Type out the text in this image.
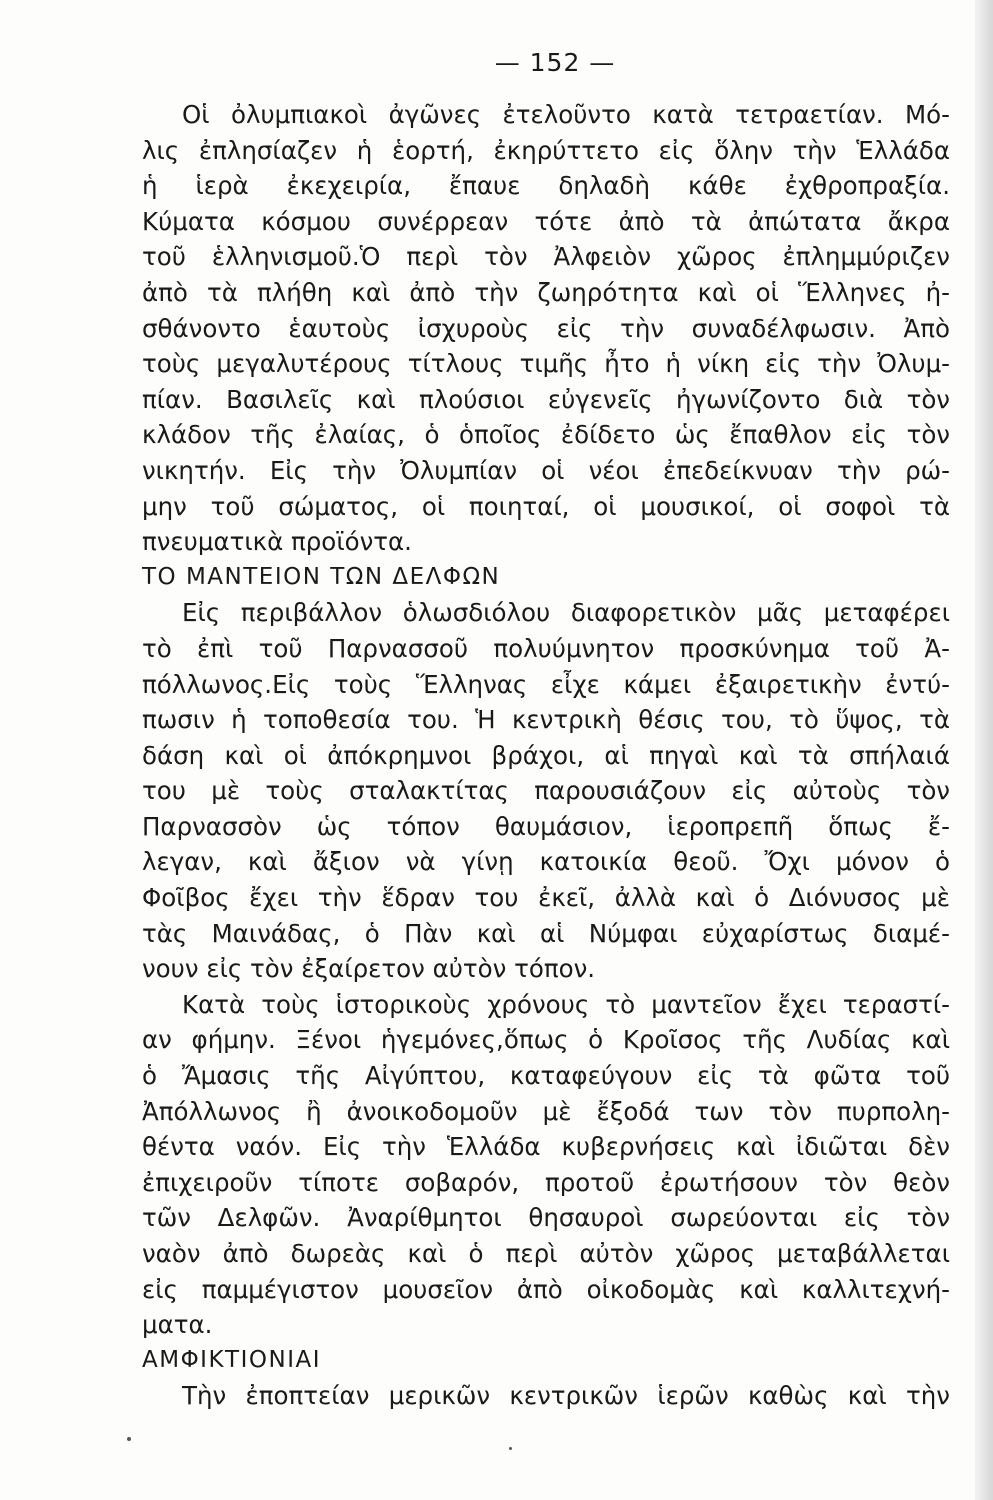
— 152 —
Οἱ ὀλυμπιακοὶ ἀγῶνες ἐτελοῦντο κατὰ τετραετίαν. Μό-
λις ἐπλησίαζεν ἡ ἑορτή, ἐκηρύττετο εἰς ὅλην τὴν Ἑλλάδα
ἡ ἱερὰ ἐκεχειρία, ἔπαυε δηλαδὴ κάθε ἐχθροπραξία.
Κύματα κόσμου συνέρρεαν τότε ἀπὸ τὰ ἀπώτατα ἄκρα
τοῦ ἑλληνισμοῦ.Ὁ περὶ τὸν Ἀλφειὸν χῶρος ἐπλημμύριζεν
ἀπὸ τὰ πλήθη καὶ ἀπὸ τὴν ζωηρότητα καὶ οἱ Ἕλληνες ἠ-
σθάνοντο ἑαυτοὺς ἰσχυροὺς εἰς τὴν συναδέλφωσιν. Ἀπὸ
τοὺς μεγαλυτέρους τίτλους τιμῆς ἦτο ἡ νίκη εἰς τὴν Ὀλυμ-
πίαν. Βασιλεῖς καὶ πλούσιοι εὐγενεῖς ἠγωνίζοντο διὰ τὸν
κλάδον τῆς ἐλαίας, ὁ ὁποῖος ἐδίδετο ὡς ἔπαθλον εἰς τὸν
νικητήν. Εἰς τὴν Ὀλυμπίαν οἱ νέοι ἐπεδείκνυαν τὴν ρώ-
μην τοῦ σώματος, οἱ ποιηταί, οἱ μουσικοί, οἱ σοφοὶ τὰ
πνευματικὰ προϊόντα.
ΤΟ ΜΑΝΤΕΙΟΝ ΤΩΝ ΔΕΛΦΩΝ
Εἰς περιβάλλον ὁλωσδιόλου διαφορετικὸν μᾶς μεταφέρει
τὸ ἐπὶ τοῦ Παρνασσοῦ πολυύμνητον προσκύνημα τοῦ Ἀ-
πόλλωνος.Εἰς τοὺς Ἕλληνας εἶχε κάμει ἐξαιρετικὴν ἐντύ-
πωσιν ἡ τοποθεσία του. Ἡ κεντρικὴ θέσις του, τὸ ὕψος, τὰ
δάση καὶ οἱ ἀπόκρημνοι βράχοι, αἱ πηγαὶ καὶ τὰ σπήλαιά
του μὲ τοὺς σταλακτίτας παρουσιάζουν εἰς αὐτοὺς τὸν
Παρνασσὸν ὡς τόπον θαυμάσιον, ἱεροπρεπῆ ὅπως ἔ-
λεγαν, καὶ ἄξιον νὰ γίνῃ κατοικία θεοῦ. Ὄχι μόνον ὁ
Φοῖβος ἔχει τὴν ἕδραν του ἐκεῖ, ἀλλὰ καὶ ὁ Διόνυσος μὲ
τὰς Μαινάδας, ὁ Πὰν καὶ αἱ Νύμφαι εὐχαρίστως διαμέ-
νουν εἰς τὸν ἐξαίρετον αὐτὸν τόπον.
Κατὰ τοὺς ἱστορικοὺς χρόνους τὸ μαντεῖον ἔχει τεραστί-
αν φήμην. Ξένοι ἡγεμόνες,ὅπως ὁ Κροῖσος τῆς Λυδίας καὶ
ὁ Ἄμασις τῆς Αἰγύπτου, καταφεύγουν εἰς τὰ φῶτα τοῦ
Ἀπόλλωνος ἢ ἀνοικοδομοῦν μὲ ἔξοδά των τὸν πυρπολη-
θέντα ναόν. Εἰς τὴν Ἑλλάδα κυβερνήσεις καὶ ἰδιῶται δὲν
ἐπιχειροῦν τίποτε σοβαρόν, προτοῦ ἐρωτήσουν τὸν θεὸν
τῶν Δελφῶν. Ἀναρίθμητοι θησαυροὶ σωρεύονται εἰς τὸν
ναὸν ἀπὸ δωρεὰς καὶ ὁ περὶ αὐτὸν χῶρος μεταβάλλεται
εἰς παμμέγιστον μουσεῖον ἀπὸ οἰκοδομὰς καὶ καλλιτεχνή-
ματα.
ΑΜΦΙΚΤΙΟΝΙΑΙ
Τὴν ἐποπτείαν μερικῶν κεντρικῶν ἱερῶν καθὼς καὶ τὴν
